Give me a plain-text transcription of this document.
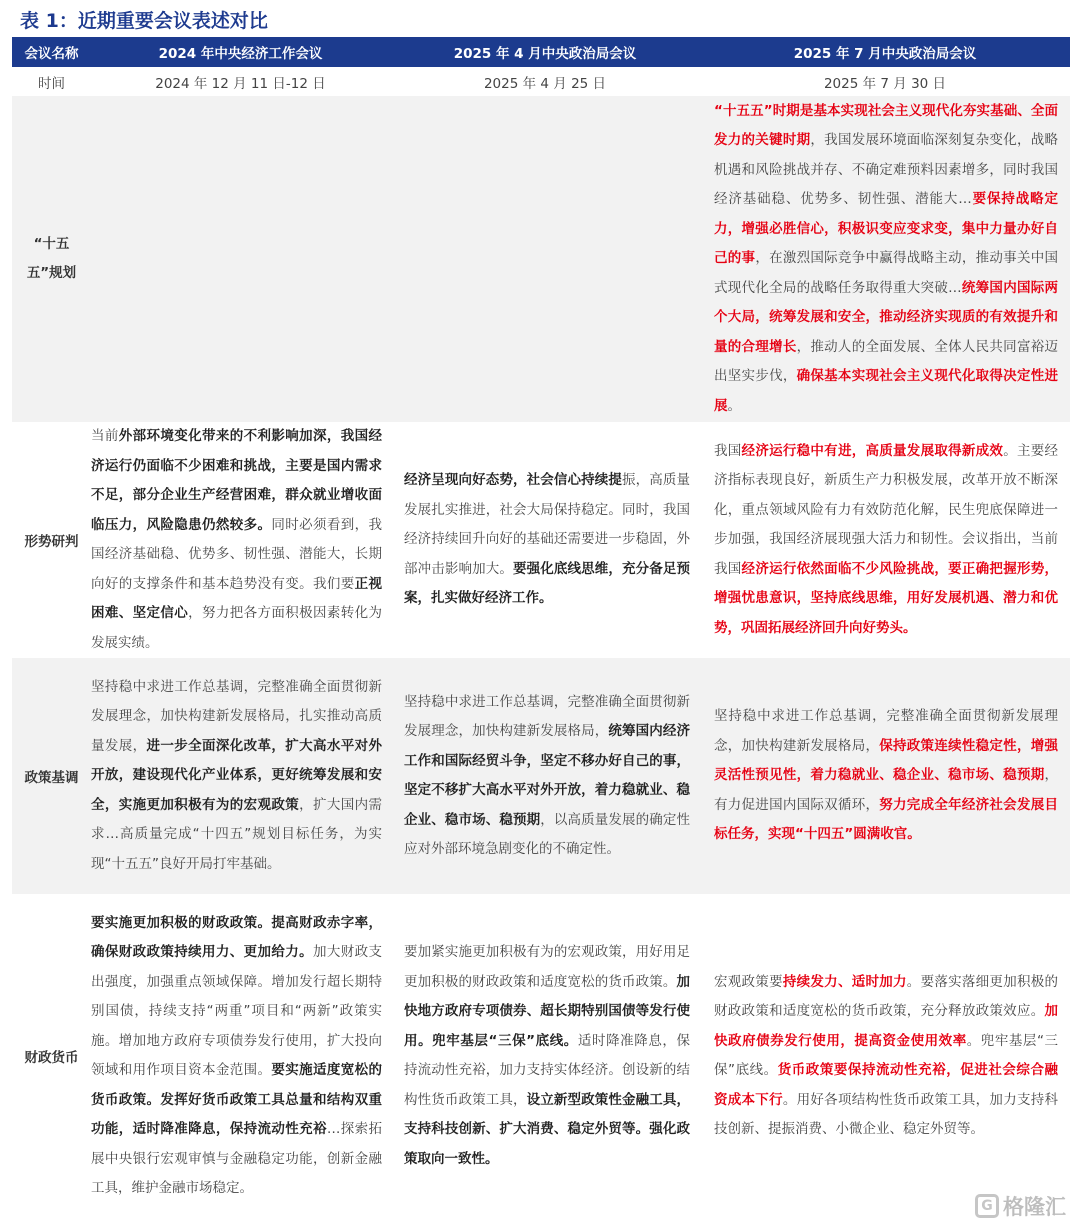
表 1：近期重要会议表述对比
会议名称	2024 年中央经济工作会议	2025 年 4 月中央政治局会议	2025 年 7 月中央政治局会议
时间	2024 年 12 月 11 日-12 日	2025 年 4 月 25 日	2025 年 7 月 30 日
“十五五”规划			“十五五”时期是基本实现社会主义现代化夯实基础、全面发力的关键时期，我国发展环境面临深刻复杂变化，战略机遇和风险挑战并存、不确定难预料因素增多，同时我国经济基础稳、优势多、韧性强、潜能大…要保持战略定力，增强必胜信心，积极识变应变求变，集中力量办好自己的事，在激烈国际竞争中赢得战略主动，推动事关中国式现代化全局的战略任务取得重大突破…统筹国内国际两个大局，统筹发展和安全，推动经济实现质的有效提升和量的合理增长，推动人的全面发展、全体人民共同富裕迈出坚实步伐，确保基本实现社会主义现代化取得决定性进展。

形势研判	当前外部环境变化带来的不利影响加深，我国经济运行仍面临不少困难和挑战，主要是国内需求不足，部分企业生产经营困难，群众就业增收面临压力，风险隐患仍然较多。同时必须看到，我国经济基础稳、优势多、韧性强、潜能大，长期向好的支撑条件和基本趋势没有变。我们要正视困难、坚定信心，努力把各方面积极因素转化为发展实绩。	经济呈现向好态势，社会信心持续提振，高质量发展扎实推进，社会大局保持稳定。同时，我国经济持续回升向好的基础还需要进一步稳固，外部冲击影响加大。要强化底线思维，充分备足预案，扎实做好经济工作。	我国经济运行稳中有进，高质量发展取得新成效。主要经济指标表现良好，新质生产力积极发展，改革开放不断深化，重点领域风险有力有效防范化解，民生兜底保障进一步加强，我国经济展现强大活力和韧性。会议指出，当前我国经济运行依然面临不少风险挑战，要正确把握形势，增强忧患意识，坚持底线思维，用好发展机遇、潜力和优势，巩固拓展经济回升向好势头。

政策基调	坚持稳中求进工作总基调，完整准确全面贯彻新发展理念，加快构建新发展格局，扎实推动高质量发展，进一步全面深化改革，扩大高水平对外开放，建设现代化产业体系，更好统筹发展和安全，实施更加积极有为的宏观政策，扩大国内需求…高质量完成“十四五”规划目标任务，为实现“十五五”良好开局打牢基础。	坚持稳中求进工作总基调，完整准确全面贯彻新发展理念，加快构建新发展格局，统筹国内经济工作和国际经贸斗争，坚定不移办好自己的事，坚定不移扩大高水平对外开放，着力稳就业、稳企业、稳市场、稳预期，以高质量发展的确定性应对外部环境急剧变化的不确定性。	坚持稳中求进工作总基调，完整准确全面贯彻新发展理念，加快构建新发展格局，保持政策连续性稳定性，增强灵活性预见性，着力稳就业、稳企业、稳市场、稳预期，有力促进国内国际双循环，努力完成全年经济社会发展目标任务，实现“十四五”圆满收官。

财政货币	要实施更加积极的财政政策。提高财政赤字率，确保财政政策持续用力、更加给力。加大财政支出强度，加强重点领域保障。增加发行超长期特别国债，持续支持“两重”项目和“两新”政策实施。增加地方政府专项债券发行使用，扩大投向领域和用作项目资本金范围。要实施适度宽松的货币政策。发挥好货币政策工具总量和结构双重功能，适时降准降息，保持流动性充裕…探索拓展中央银行宏观审慎与金融稳定功能，创新金融工具，维护金融市场稳定。	要加紧实施更加积极有为的宏观政策，用好用足更加积极的财政政策和适度宽松的货币政策。加快地方政府专项债券、超长期特别国债等发行使用。兜牢基层“三保”底线。适时降准降息，保持流动性充裕，加力支持实体经济。创设新的结构性货币政策工具，设立新型政策性金融工具，支持科技创新、扩大消费、稳定外贸等。强化政策取向一致性。	宏观政策要持续发力、适时加力。要落实落细更加积极的财政政策和适度宽松的货币政策，充分释放政策效应。加快政府债券发行使用，提高资金使用效率。兜牢基层“三保”底线。货币政策要保持流动性充裕，促进社会综合融资成本下行。用好各项结构性货币政策工具，加力支持科技创新、提振消费、小微企业、稳定外贸等。
G 格隆汇
